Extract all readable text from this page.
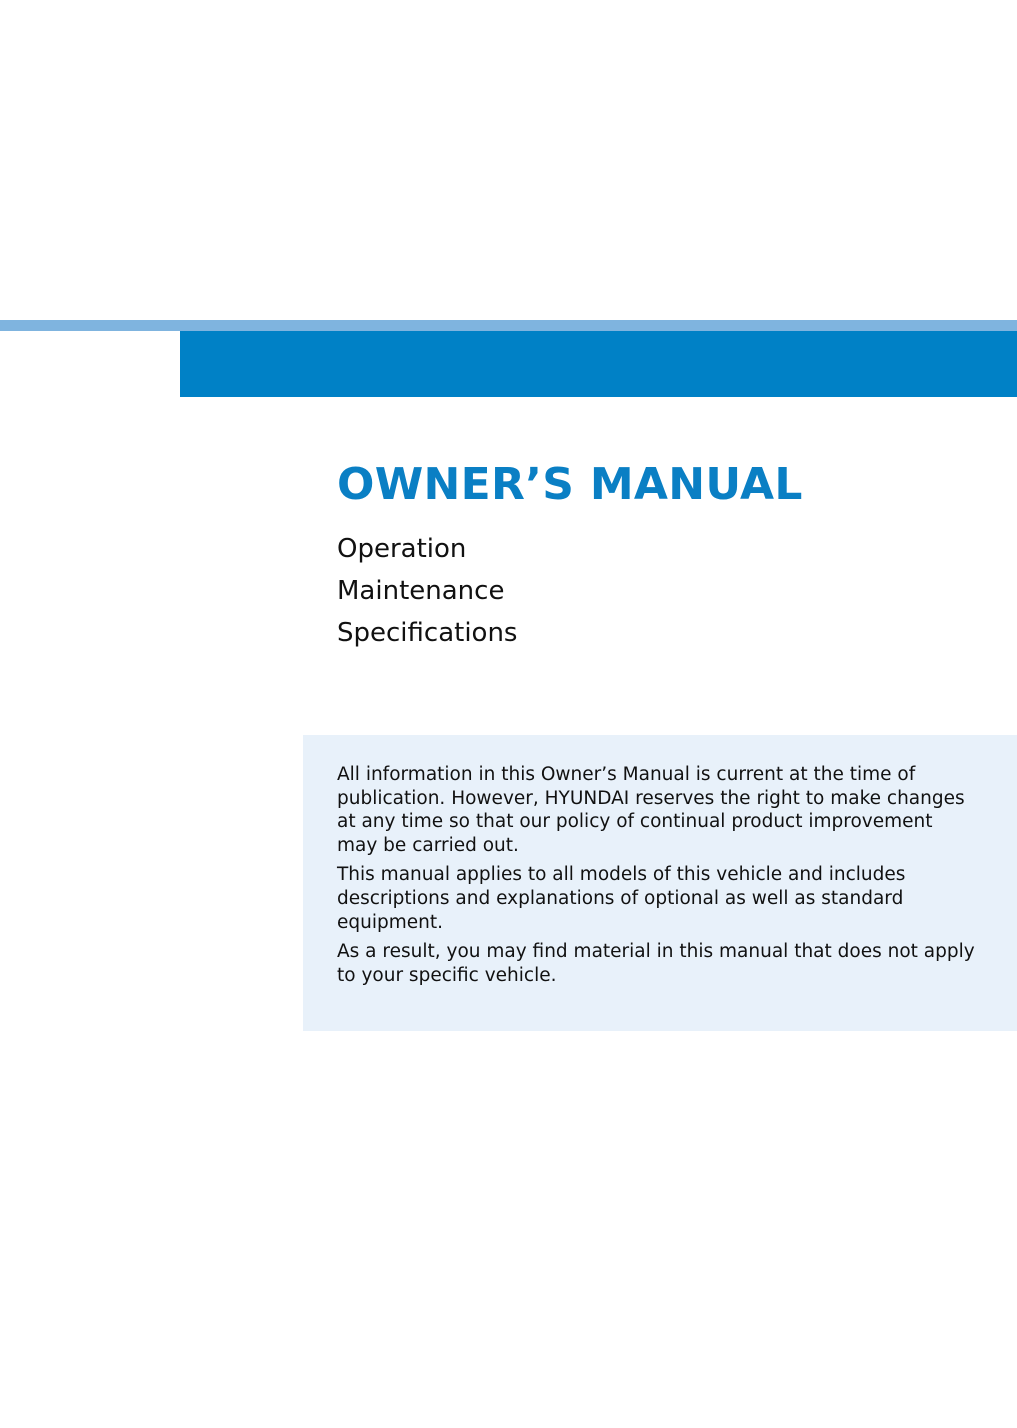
OWNER’S MANUAL
Operation
Maintenance
Specifications

All information in this Owner’s Manual is current at the time of publication. However, HYUNDAI reserves the right to make changes at any time so that our policy of continual product improvement may be carried out.

This manual applies to all models of this vehicle and includes descriptions and explanations of optional as well as standard equipment.

As a result, you may find material in this manual that does not apply to your specific vehicle.
